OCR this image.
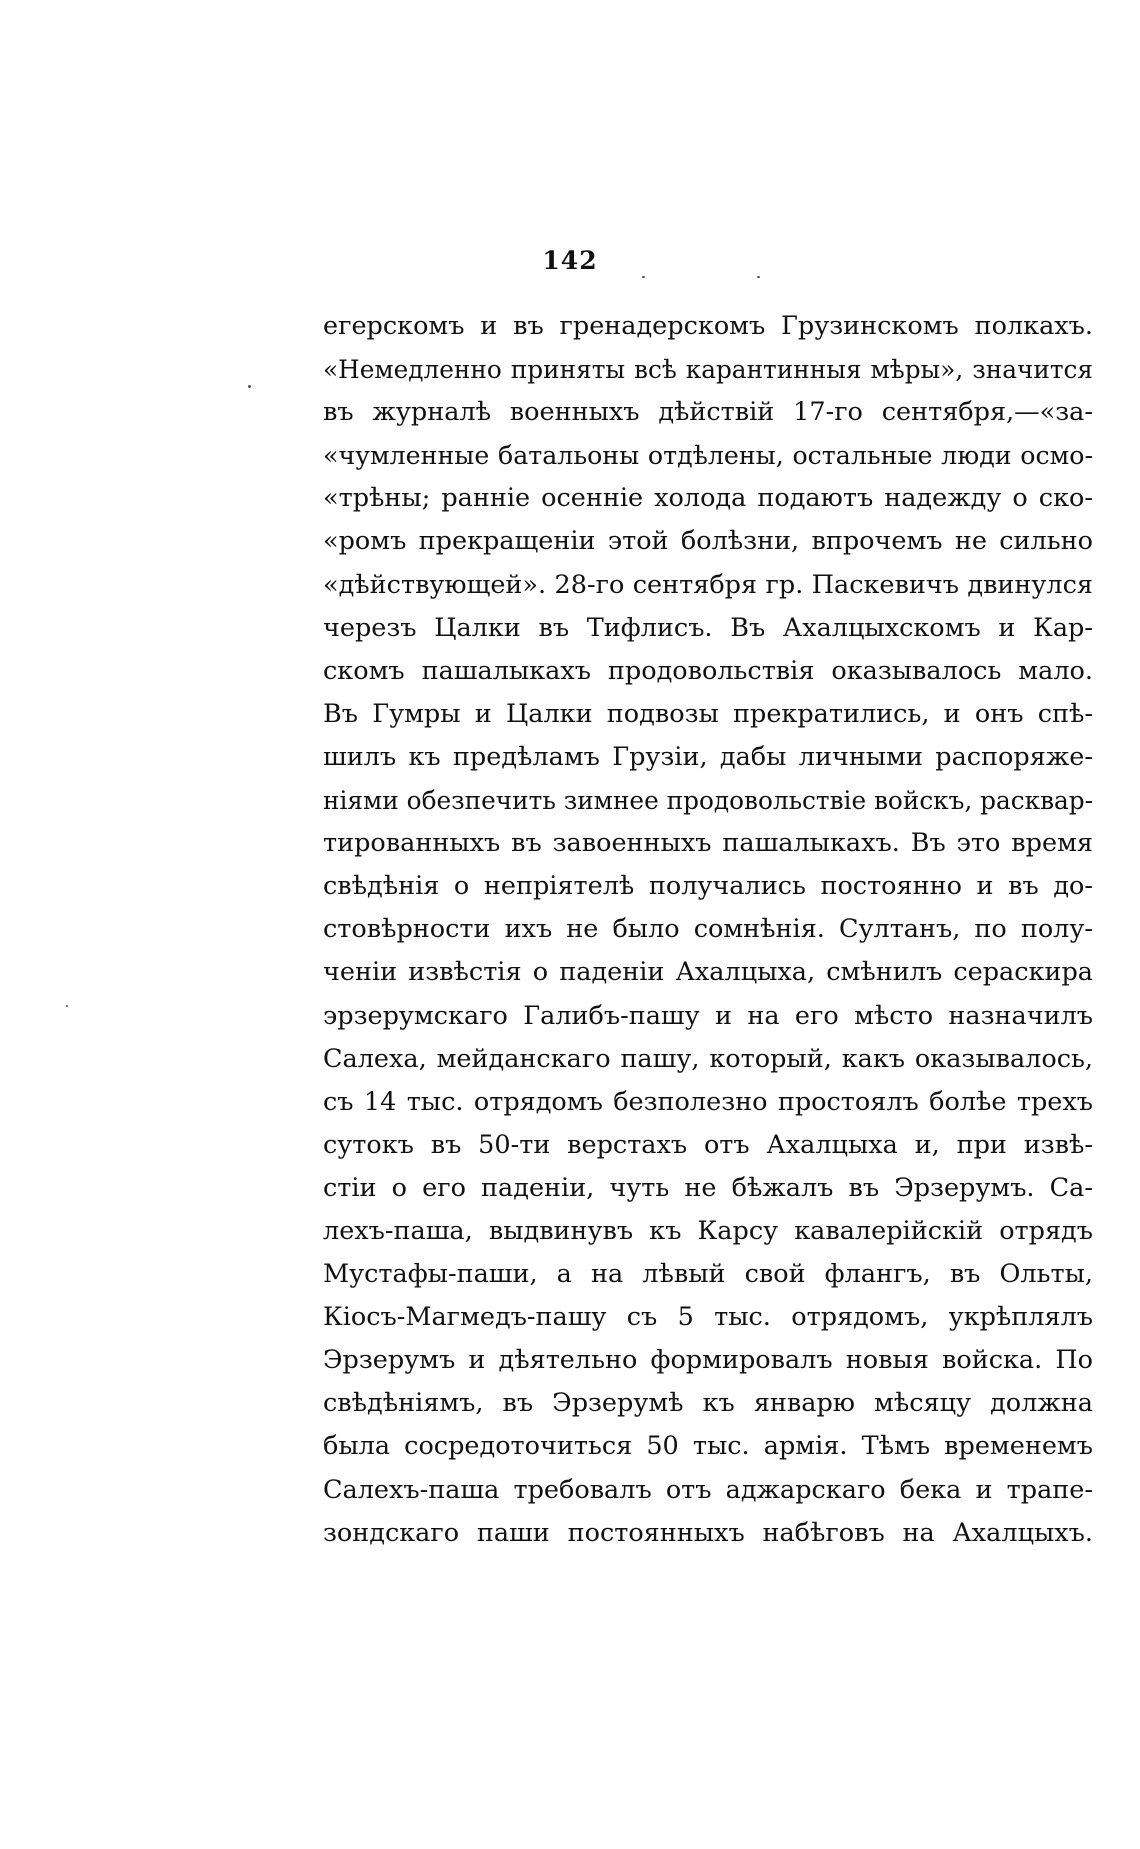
142
егерскомъ и въ гренадерскомъ Грузинскомъ полкахъ.
«Немедленно приняты всѣ карантинныя мѣры», значится
въ журналѣ военныхъ дѣйствій 17-го сентября,—«за-
«чумленные батальоны отдѣлены, остальные люди осмо-
«трѣны; ранніе осенніе холода подаютъ надежду о ско-
«ромъ прекращеніи этой болѣзни, впрочемъ не сильно
«дѣйствующей». 28-го сентября гр. Паскевичъ двинулся
черезъ Цалки въ Тифлисъ. Въ Ахалцыхскомъ и Кар-
скомъ пашалыкахъ продовольствія оказывалось мало.
Въ Гумры и Цалки подвозы прекратились, и онъ спѣ-
шилъ къ предѣламъ Грузіи, дабы личными распоряже-
ніями обезпечить зимнее продовольствіе войскъ, расквар-
тированныхъ въ завоенныхъ пашалыкахъ. Въ это время
свѣдѣнія о непріятелѣ получались постоянно и въ до-
стовѣрности ихъ не было сомнѣнія. Султанъ, по полу-
ченіи извѣстія о паденіи Ахалцыха, смѣнилъ сераскира
эрзерумскаго Галибъ-пашу и на его мѣсто назначилъ
Салеха, мейданскаго пашу, который, какъ оказывалось,
съ 14 тыс. отрядомъ безполезно простоялъ болѣе трехъ
сутокъ въ 50-ти верстахъ отъ Ахалцыха и, при извѣ-
стіи о его паденіи, чуть не бѣжалъ въ Эрзерумъ. Са-
лехъ-паша, выдвинувъ къ Карсу кавалерійскій отрядъ
Мустафы-паши, а на лѣвый свой флангъ, въ Ольты,
Кіосъ-Магмедъ-пашу съ 5 тыс. отрядомъ, укрѣплялъ
Эрзерумъ и дѣятельно формировалъ новыя войска. По
свѣдѣніямъ, въ Эрзерумѣ къ январю мѣсяцу должна
была сосредоточиться 50 тыс. армія. Тѣмъ временемъ
Салехъ-паша требовалъ отъ аджарскаго бека и трапе-
зондскаго паши постоянныхъ набѣговъ на Ахалцыхъ.
